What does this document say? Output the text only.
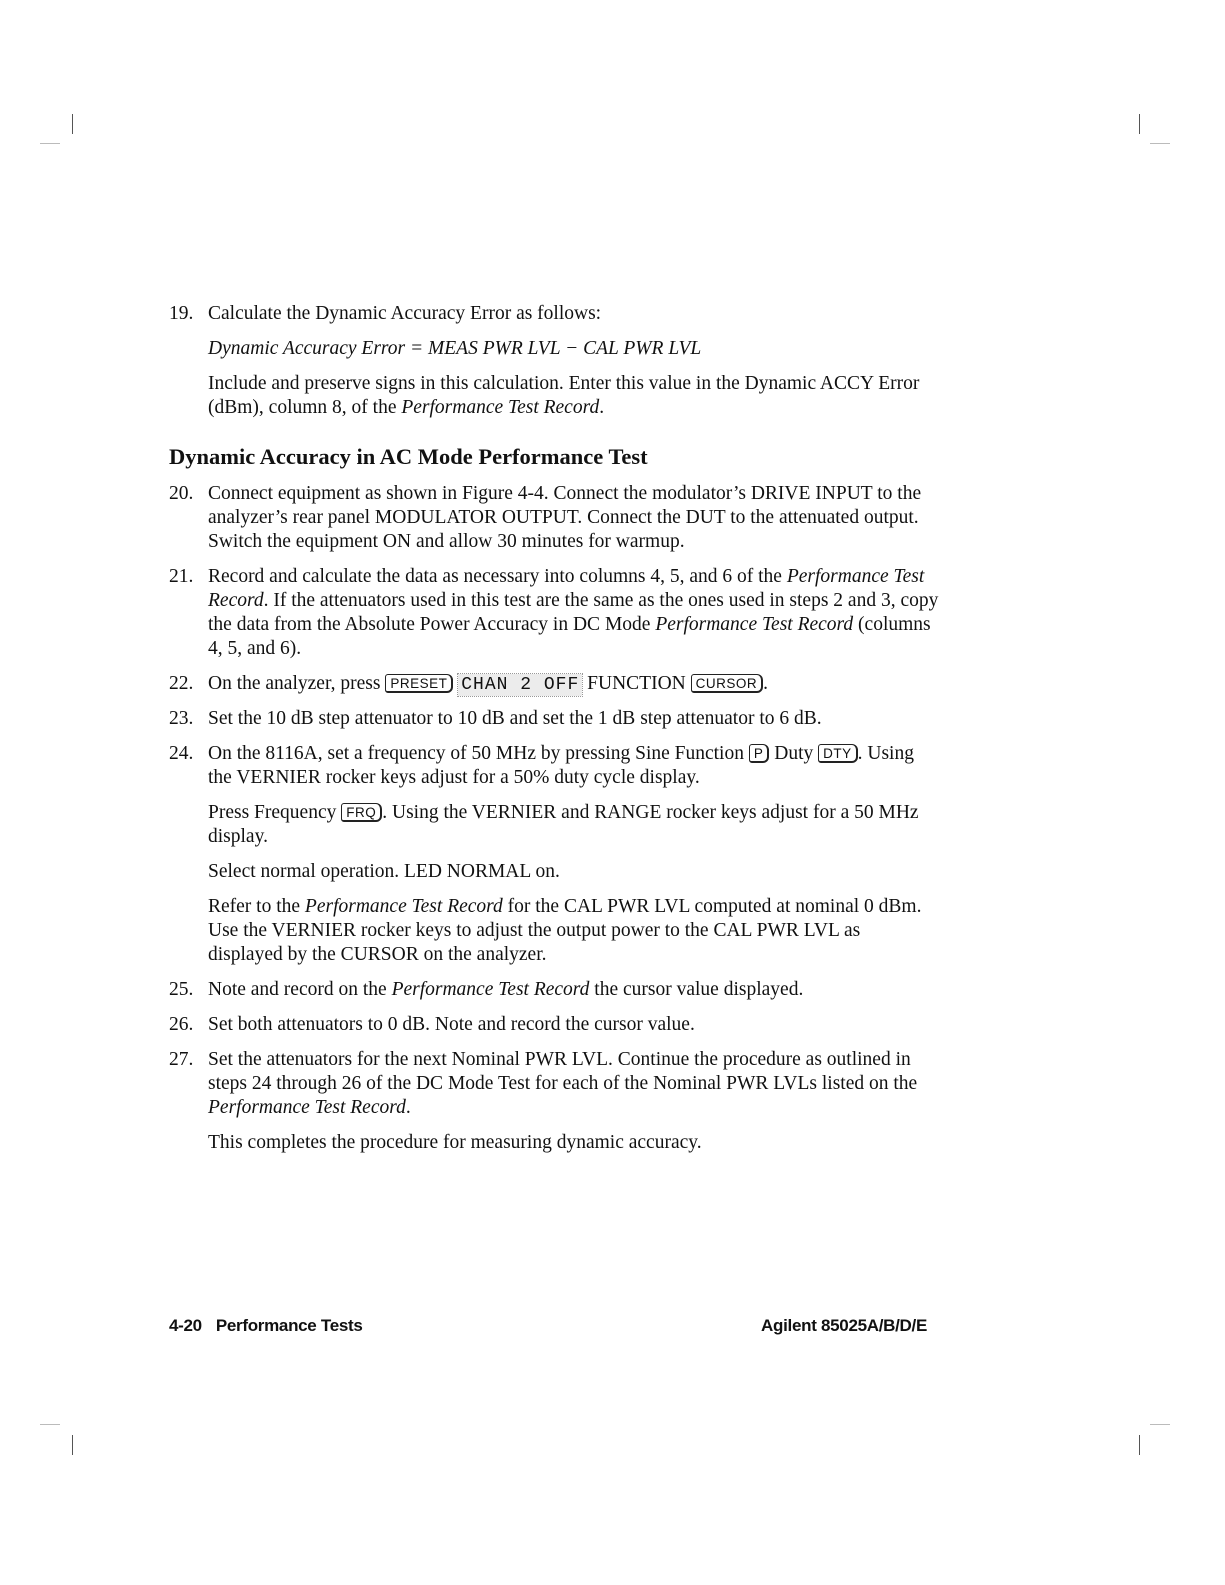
19. Calculate the Dynamic Accuracy Error as follows:
Dynamic Accuracy Error = MEAS PWR LVL − CAL PWR LVL
Include and preserve signs in this calculation. Enter this value in the Dynamic ACCY Error (dBm), column 8, of the Performance Test Record.
Dynamic Accuracy in AC Mode Performance Test
20. Connect equipment as shown in Figure 4-4. Connect the modulator’s DRIVE INPUT to the analyzer’s rear panel MODULATOR OUTPUT. Connect the DUT to the attenuated output. Switch the equipment ON and allow 30 minutes for warmup.
21. Record and calculate the data as necessary into columns 4, 5, and 6 of the Performance Test Record. If the attenuators used in this test are the same as the ones used in steps 2 and 3, copy the data from the Absolute Power Accuracy in DC Mode Performance Test Record (columns 4, 5, and 6).
22. On the analyzer, press PRESET CHAN 2 OFF FUNCTION CURSOR .
23. Set the 10 dB step attenuator to 10 dB and set the 1 dB step attenuator to 6 dB.
24. On the 8116A, set a frequency of 50 MHz by pressing Sine Function P Duty DTY . Using the VERNIER rocker keys adjust for a 50% duty cycle display.
Press Frequency FRQ . Using the VERNIER and RANGE rocker keys adjust for a 50 MHz display.
Select normal operation. LED NORMAL on.
Refer to the Performance Test Record for the CAL PWR LVL computed at nominal 0 dBm. Use the VERNIER rocker keys to adjust the output power to the CAL PWR LVL as displayed by the CURSOR on the analyzer.
25. Note and record on the Performance Test Record the cursor value displayed.
26. Set both attenuators to 0 dB. Note and record the cursor value.
27. Set the attenuators for the next Nominal PWR LVL. Continue the procedure as outlined in steps 24 through 26 of the DC Mode Test for each of the Nominal PWR LVLs listed on the Performance Test Record.
This completes the procedure for measuring dynamic accuracy.
4-20 Performance Tests	Agilent 85025A/B/D/E
